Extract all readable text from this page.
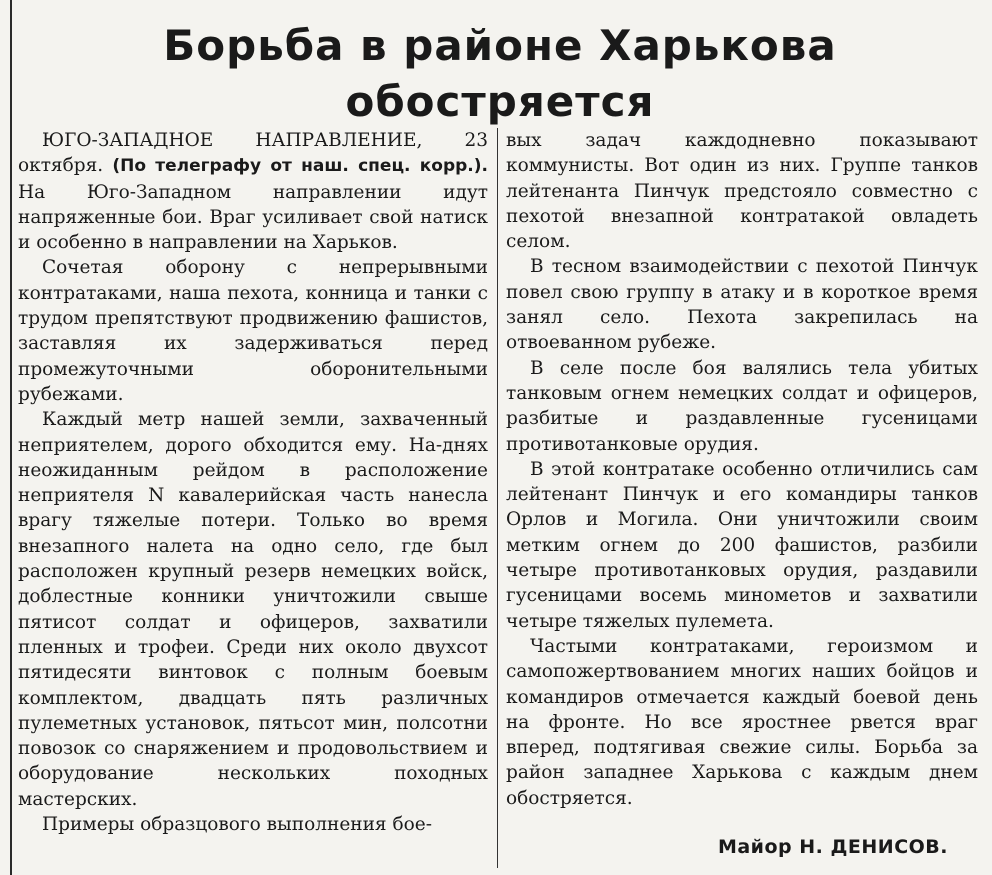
Борьба в районе Харькова
обостряется

ЮГО-ЗАПАДНОЕ НАПРАВЛЕНИЕ, 23 октября. (По телеграфу от наш. спец. корр.). На Юго-Западном направлении идут напряженные бои. Враг усиливает свой натиск и особенно в направлении на Харьков.

Сочетая оборону с непрерывными контратаками, наша пехота, конница и танки с трудом препятствуют продвижению фашистов, заставляя их задерживаться перед промежуточными оборонительными рубежами.

Каждый метр нашей земли, захваченный неприятелем, дорого обходится ему. На-днях неожиданным рейдом в расположение неприятеля N кавалерийская часть нанесла врагу тяжелые потери. Только во время внезапного налета на одно село, где был расположен крупный резерв немецких войск, доблестные конники уничтожили свыше пятисот солдат и офицеров, захватили пленных и трофеи. Среди них около двухсот пятидесяти винтовок с полным боевым комплектом, двадцать пять различных пулеметных установок, пятьсот мин, полсотни повозок со снаряжением и продовольствием и оборудование нескольких походных мастерских.

Примеры образцового выполнения бое-

вых задач каждодневно показывают коммунисты. Вот один из них. Группе танков лейтенанта Пинчук предстояло совместно с пехотой внезапной контратакой овладеть селом.

В тесном взаимодействии с пехотой Пинчук повел свою группу в атаку и в короткое время занял село. Пехота закрепилась на отвоеванном рубеже.

В селе после боя валялись тела убитых танковым огнем немецких солдат и офицеров, разбитые и раздавленные гусеницами противотанковые орудия.

В этой контратаке особенно отличились сам лейтенант Пинчук и его командиры танков Орлов и Могила. Они уничтожили своим метким огнем до 200 фашистов, разбили четыре противотанковых орудия, раздавили гусеницами восемь минометов и захватили четыре тяжелых пулемета.

Частыми контратаками, героизмом и самопожертвованием многих наших бойцов и командиров отмечается каждый боевой день на фронте. Но все яростнее рвется враг вперед, подтягивая свежие силы. Борьба за район западнее Харькова с каждым днем обостряется.

Майор Н. ДЕНИСОВ.
